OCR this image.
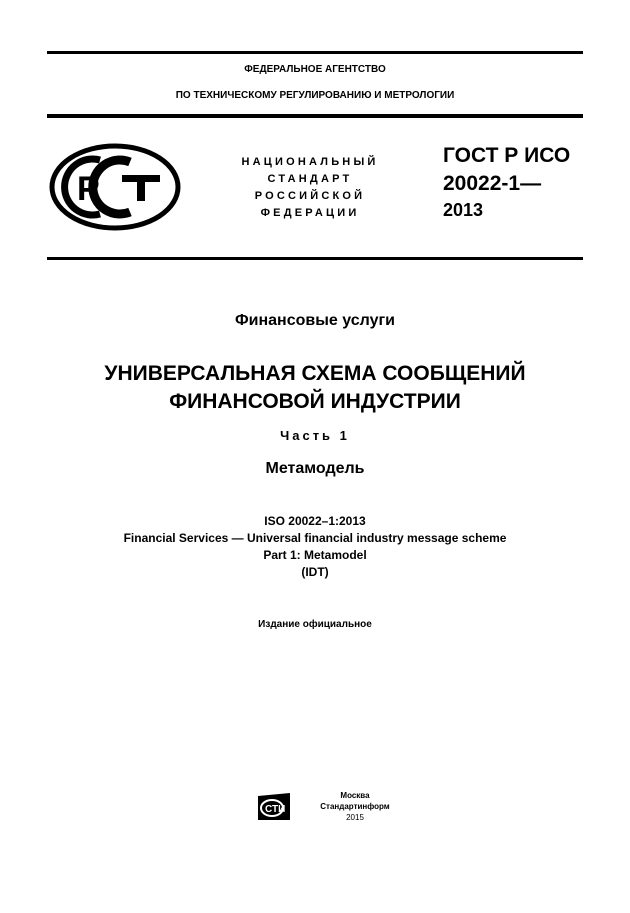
ФЕДЕРАЛЬНОЕ АГЕНТСТВО
ПО ТЕХНИЧЕСКОМУ РЕГУЛИРОВАНИЮ И МЕТРОЛОГИИ
Р
НАЦИОНАЛЬНЫЙ
СТАНДАРТ
РОССИЙСКОЙ
ФЕДЕРАЦИИ
ГОСТ Р ИСО
20022-1—
2013
Финансовые услуги
УНИВЕРСАЛЬНАЯ СХЕМА СООБЩЕНИЙ
ФИНАНСОВОЙ ИНДУСТРИИ
Часть 1
Метамодель
ISO 20022–1:2013
Financial Services — Universal financial industry message scheme
Part 1: Metamodel
(IDT)
Издание официальное
СТИ
Москва
Стандартинформ
2015
